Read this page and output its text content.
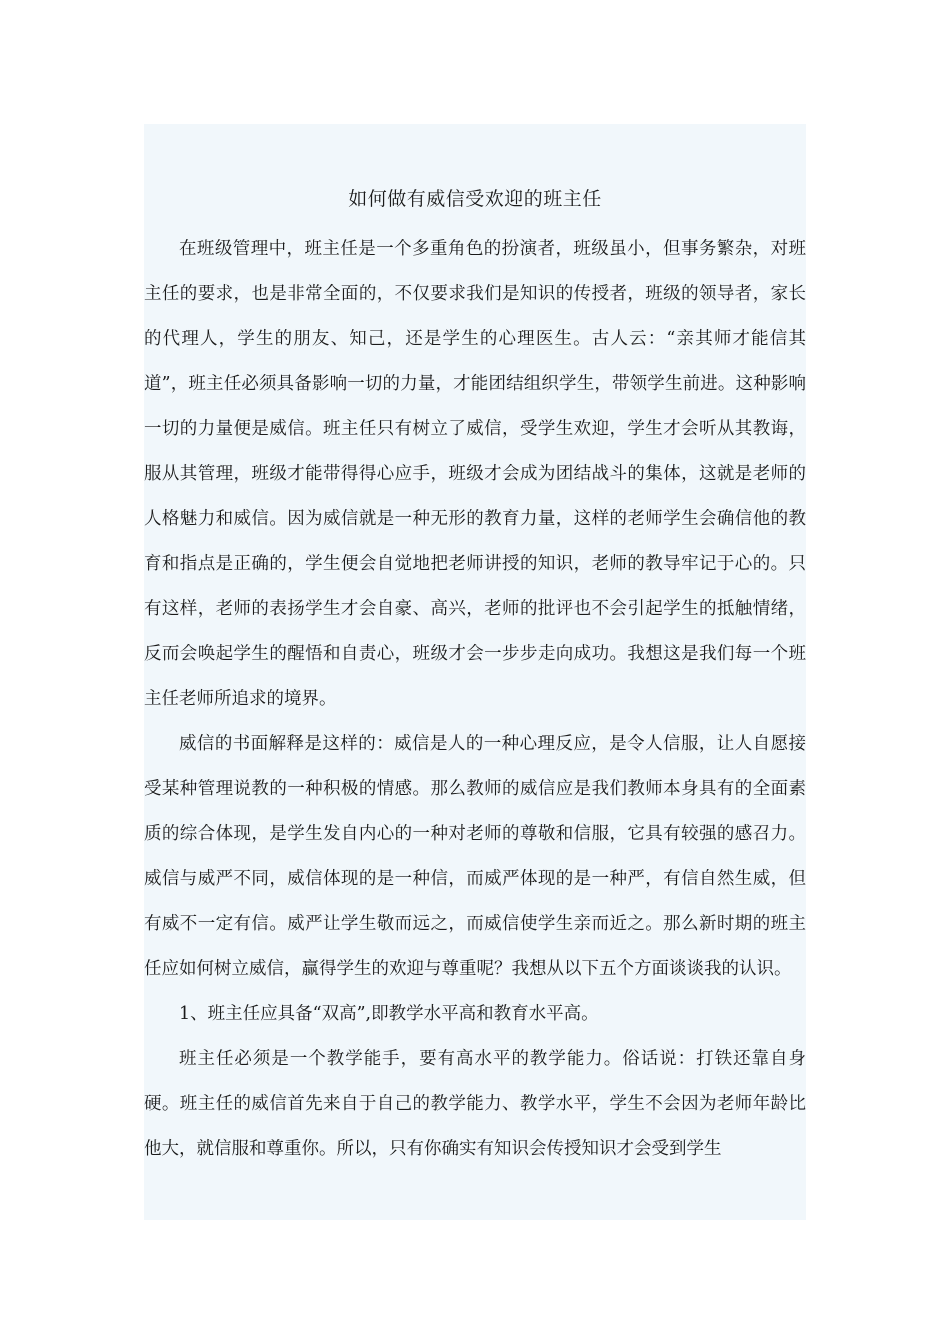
如何做有威信受欢迎的班主任

在班级管理中，班主任是一个多重角色的扮演者，班级虽小，但事务繁杂，对班主任的要求，也是非常全面的，不仅要求我们是知识的传授者，班级的领导者，家长的代理人，学生的朋友、知己，还是学生的心理医生。古人云：“亲其师才能信其道”，班主任必须具备影响一切的力量，才能团结组织学生，带领学生前进。这种影响一切的力量便是威信。班主任只有树立了威信，受学生欢迎，学生才会听从其教诲，服从其管理，班级才能带得得心应手，班级才会成为团结战斗的集体，这就是老师的人格魅力和威信。因为威信就是一种无形的教育力量，这样的老师学生会确信他的教育和指点是正确的，学生便会自觉地把老师讲授的知识，老师的教导牢记于心的。只有这样，老师的表扬学生才会自豪、高兴，老师的批评也不会引起学生的抵触情绪，反而会唤起学生的醒悟和自责心，班级才会一步步走向成功。我想这是我们每一个班主任老师所追求的境界。

威信的书面解释是这样的：威信是人的一种心理反应，是令人信服，让人自愿接受某种管理说教的一种积极的情感。那么教师的威信应是我们教师本身具有的全面素质的综合体现，是学生发自内心的一种对老师的尊敬和信服，它具有较强的感召力。威信与威严不同，威信体现的是一种信，而威严体现的是一种严，有信自然生威，但有威不一定有信。威严让学生敬而远之，而威信使学生亲而近之。那么新时期的班主任应如何树立威信，赢得学生的欢迎与尊重呢？我想从以下五个方面谈谈我的认识。

1、班主任应具备“双高”,即教学水平高和教育水平高。

班主任必须是一个教学能手，要有高水平的教学能力。俗话说：打铁还靠自身硬。班主任的威信首先来自于自己的教学能力、教学水平，学生不会因为老师年龄比他大，就信服和尊重你。所以，只有你确实有知识会传授知识才会受到学生
